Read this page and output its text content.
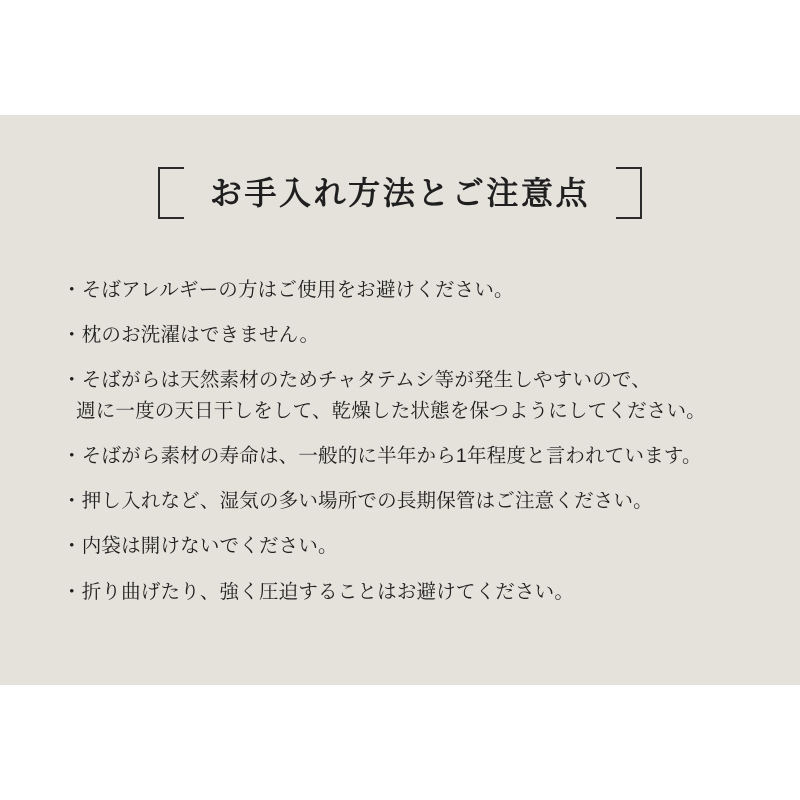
お手入れ方法とご注意点
・そばアレルギーの方はご使用をお避けください。
・枕のお洗濯はできません。
・そばがらは天然素材のためチャタテムシ等が発生しやすいので、
週に一度の天日干しをして、乾燥した状態を保つようにしてください。
・そばがら素材の寿命は、一般的に半年から1年程度と言われています。
・押し入れなど、湿気の多い場所での長期保管はご注意ください。
・内袋は開けないでください。
・折り曲げたり、強く圧迫することはお避けてください。
